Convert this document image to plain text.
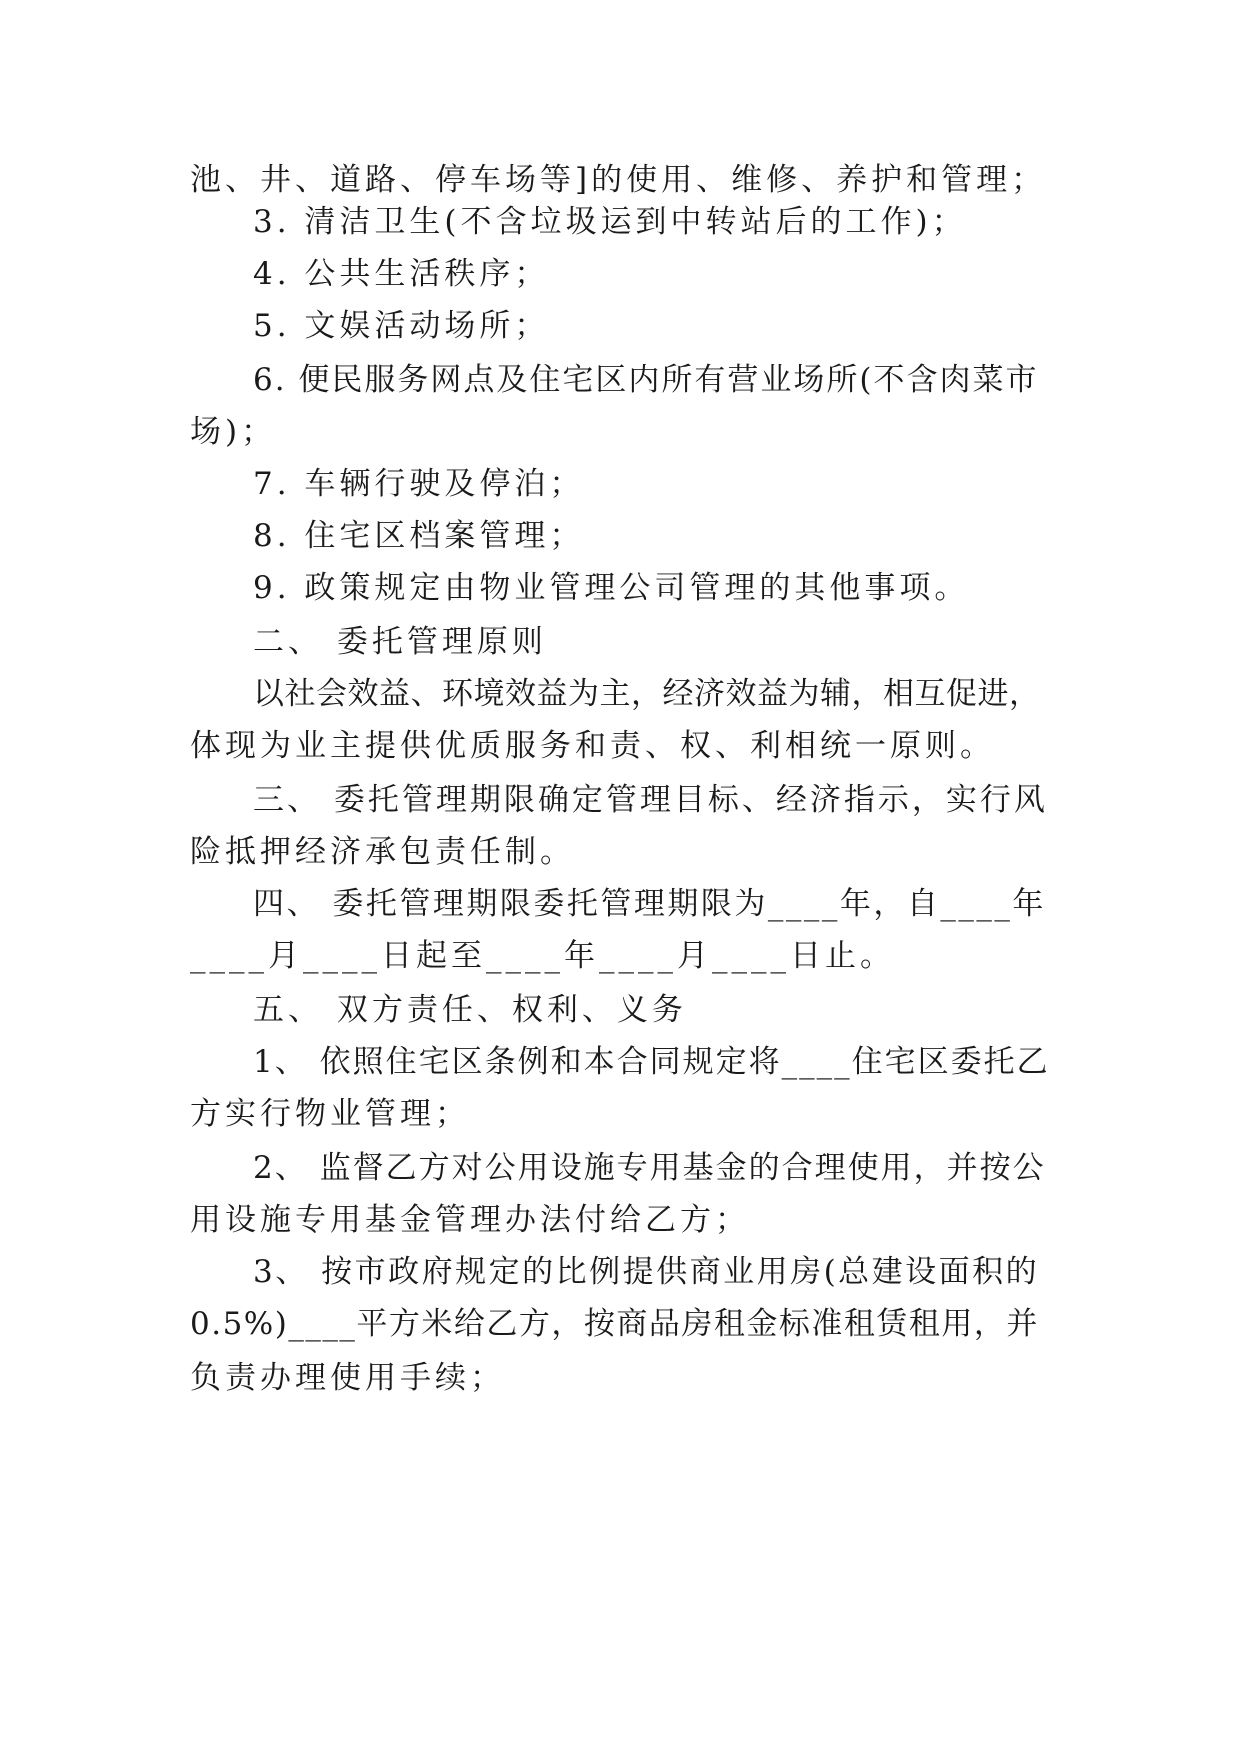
池、井、道路、停车场等]的使用、维修、养护和管理；
3. 清洁卫生(不含垃圾运到中转站后的工作)；
4. 公共生活秩序；
5. 文娱活动场所；
6. 便民服务网点及住宅区内所有营业场所(不含肉菜市
场)；
7. 车辆行驶及停泊；
8. 住宅区档案管理；
9. 政策规定由物业管理公司管理的其他事项。
二、 委托管理原则
以社会效益、环境效益为主，经济效益为辅，相互促进，
体现为业主提供优质服务和责、权、利相统一原则。
三、 委托管理期限确定管理目标、经济指示，实行风
险抵押经济承包责任制。
四、 委托管理期限委托管理期限为____年，自____年
____月____日起至____年____月____日止。
五、 双方责任、权利、义务
1、 依照住宅区条例和本合同规定将____住宅区委托乙
方实行物业管理；
2、 监督乙方对公用设施专用基金的合理使用，并按公
用设施专用基金管理办法付给乙方；
3、 按市政府规定的比例提供商业用房(总建设面积的
0.5%)____平方米给乙方，按商品房租金标准租赁租用，并
负责办理使用手续；
